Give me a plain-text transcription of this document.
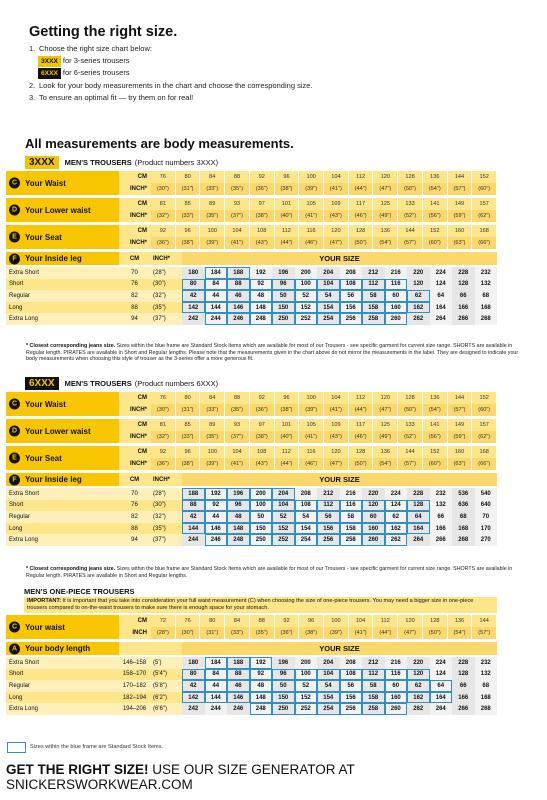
Getting the right size.
1. Choose the right size chart below:
3XXX for 3-series trousers
6XXX for 6-series trousers
2. Look for your body measurements in the chart and choose the corresponding size.
3. To ensure an optimal fit — try them on for real!
All measurements are body measurements.
3XXX	MEN'S TROUSERS (Product numbers 3XXX)
C Your Waist
CM	76	80	84	88	92	96	100	104	112	120	128	136	144	152
INCH*	(30")	(31")	(33")	(35")	(36")	(38")	(39")	(41")	(44")	(47")	(50")	(54")	(57")	(60")
D Your Lower waist
CM	81	85	89	93	97	101	105	109	117	125	133	141	149	157
INCH*	(32")	(33")	(35")	(37")	(38")	(40")	(41")	(43")	(46")	(49")	(52")	(56")	(59")	(62")
E	Your Seat
CM	92	96	100	104	108	112	116	120	128	136	144	152	160	168
INCH*	(36")	(38")	(39")	(41")	(43")	(44")	(46")	(47")	(50")	(54")	(57")	(60")	(63")	(66")
F	Your Inside leg	CM	INCH*	YOUR SIZE
Extra Short	70	(28")	180	184	188	192	196	200	204	208	212	216	220	224	228	232
Short	76	(30")	80	84	88	92	96	100	104	108	112	116	120	124	128	132
Regular	82	(32")	42	44	46	48	50	52	54	56	58	60	62	64	66	68
Long	88	(35")	142	144	146	148	150	152	154	156	158	160	162	164	166	168
Extra Long	94	(37")	242	244	246	248	250	252	254	256	258	260	262	264	266	268
* Closest corresponding jeans size. Sizes within the blue frame are Standard Stock Items which are available for most of our Trousers - see specific garment for current size range. SHORTS are available in Regular length. PIRATES are available in Short and Regular lengths. Please note that the measurements given in the chart above do not mirror the measurements in the label. They are designed to indicate your body measurements when choosing this style of trouser as the 3-series offer a more generous fit.
6XXX	MEN'S TROUSERS (Product numbers 6XXX)
C Your Waist
CM	76	80	84	88	92	96	100	104	112	120	128	136	144	152
INCH*	(30")	(31")	(33")	(35")	(36")	(38")	(39")	(41")	(44")	(47")	(50")	(54")	(57")	(60")
D Your Lower waist
CM	81	85	89	93	97	101	105	109	117	125	133	141	149	157
INCH*	(32")	(33")	(35")	(37")	(38")	(40")	(41")	(43")	(46")	(49")	(52")	(56")	(59")	(62")
E	Your Seat
CM	92	96	100	104	108	112	116	120	128	136	144	152	160	168
INCH*	(36")	(38")	(39")	(41")	(43")	(44")	(46")	(47")	(50")	(54")	(57")	(60")	(63")	(66")
F	Your Inside leg	CM	INCH*	YOUR SIZE
Extra Short	70	(28")	188	192	196	200	204	208	212	216	220	224	228	232	536	540
Short	76	(30")	88	92	96	100	104	108	112	116	120	124	128	132	636	640
Regular	82	(32")	42	44	48	50	52	54	56	58	60	62	64	66	68	70
Long	88	(35")	144	146	148	150	152	154	156	158	160	162	164	166	168	170
Extra Long	94	(37")	244	246	248	250	252	254	256	258	260	262	264	266	268	270
* Closest corresponding jeans size. Sizes within the blue frame are Standard Stock Items which are available for most of our Trousers - see specific garment for current size range. SHORTS are available in Regular length. PIRATES are available in Short and Regular lengths.
MEN'S ONE-PIECE TROUSERS
IMPORTANT: It is important that you take into consideration your full waist measurement (C) when choosing the size of one-piece trousers. You may need a bigger size in one-piece trousers compared to on-the-waist trousers to make sure there is enough space for your stomach.
C Your waist
CM	72	76	80	84	88	92	96	100	104	112	120	128	136	144
INCH	(28")	(30")	(31")	(33")	(35")	(36")	(38")	(39")	(41")	(44")	(47")	(50")	(54")	(57")
A Your body length	YOUR SIZE
Extra Short	146–158	(5')	180	184	188	192	196	200	204	208	212	216	220	224	228	232
Short	158–170	(5'4")	80	84	88	92	96	100	104	108	112	116	120	124	128	132
Regular	170–182	(5'8")	42	44	46	48	50	52	54	56	58	60	62	64	66	68
Long	182–194	(6'2")	142	144	146	148	150	152	154	156	158	160	162	164	166	168
Extra Long	194–206	(6'6")	242	244	246	248	250	252	254	256	258	260	262	264	266	268
Sizes within the blue frame are Standard Stock Items.
GET THE RIGHT SIZE! USE OUR SIZE GENERATOR AT
SNICKERSWORKWEAR.COM
